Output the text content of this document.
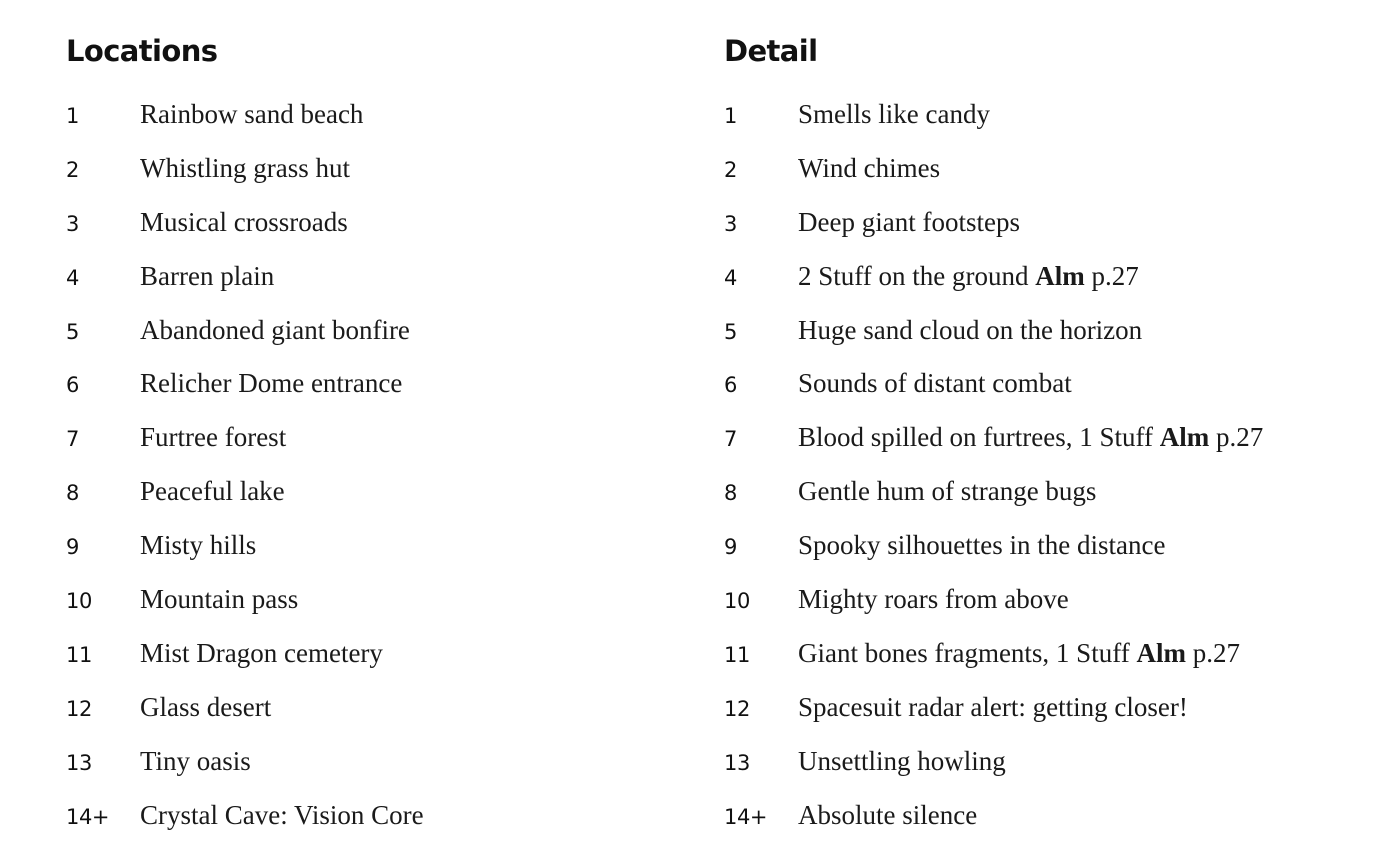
Locations
1	Rainbow sand beach
2	Whistling grass hut
3	Musical crossroads
4	Barren plain
5	Abandoned giant bonfire
6	Relicher Dome entrance
7	Furtree forest
8	Peaceful lake
9	Misty hills
10	Mountain pass
11	Mist Dragon cemetery
12	Glass desert
13	Tiny oasis
14+	Crystal Cave: Vision Core
Detail
1	Smells like candy
2	Wind chimes
3	Deep giant footsteps
4	2 Stuff on the ground Alm p.27
5	Huge sand cloud on the horizon
6	Sounds of distant combat
7	Blood spilled on furtrees, 1 Stuff Alm p.27
8	Gentle hum of strange bugs
9	Spooky silhouettes in the distance
10	Mighty roars from above
11	Giant bones fragments, 1 Stuff Alm p.27
12	Spacesuit radar alert: getting closer!
13	Unsettling howling
14+	Absolute silence
